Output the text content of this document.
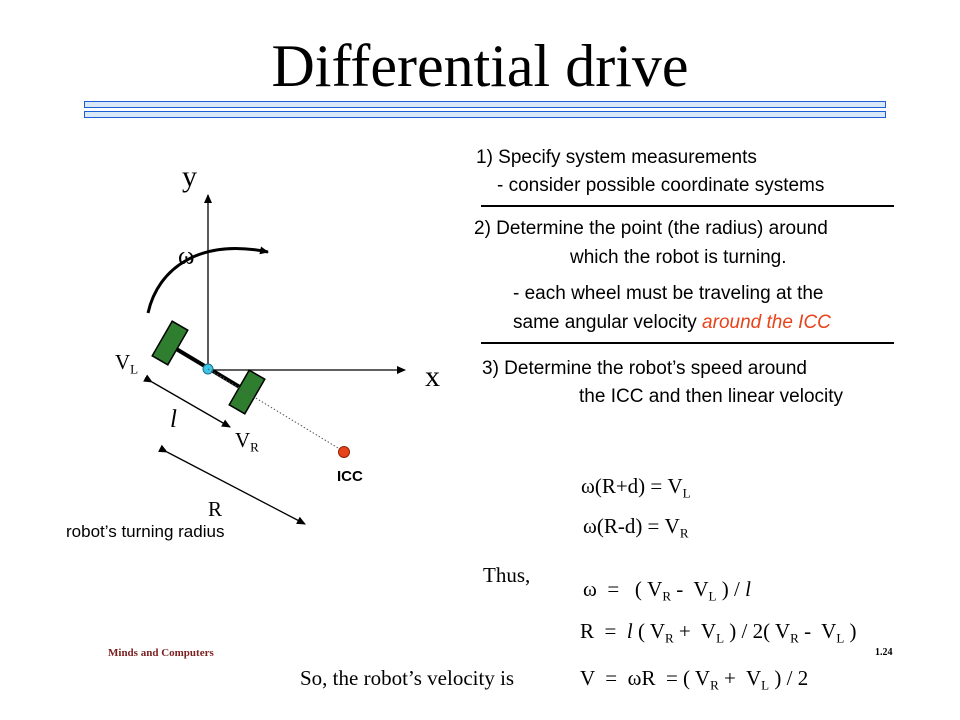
Differential drive
y
x
ω
$V_L$
$V_R$
l
ICC
R
robot’s turning radius
1) Specify system measurements
- consider possible coordinate systems
2) Determine the point (the radius) around
which the robot is turning.
- each wheel must be traveling at the
same angular velocity around the ICC
3) Determine the robot’s speed around
the ICC and then linear velocity
$\omega(R+d) = V_L$
$\omega(R-d) = V_R$
Thus,
ω  =   ( $V_R - V_L$ ) / l
R  =  l ( $V_R + V_L$ ) / 2( $V_R - V_L$ )
So, the robot’s velocity is	V  =  ωR  = ( $V_R + V_L$ ) / 2
Minds and Computers	1.24
